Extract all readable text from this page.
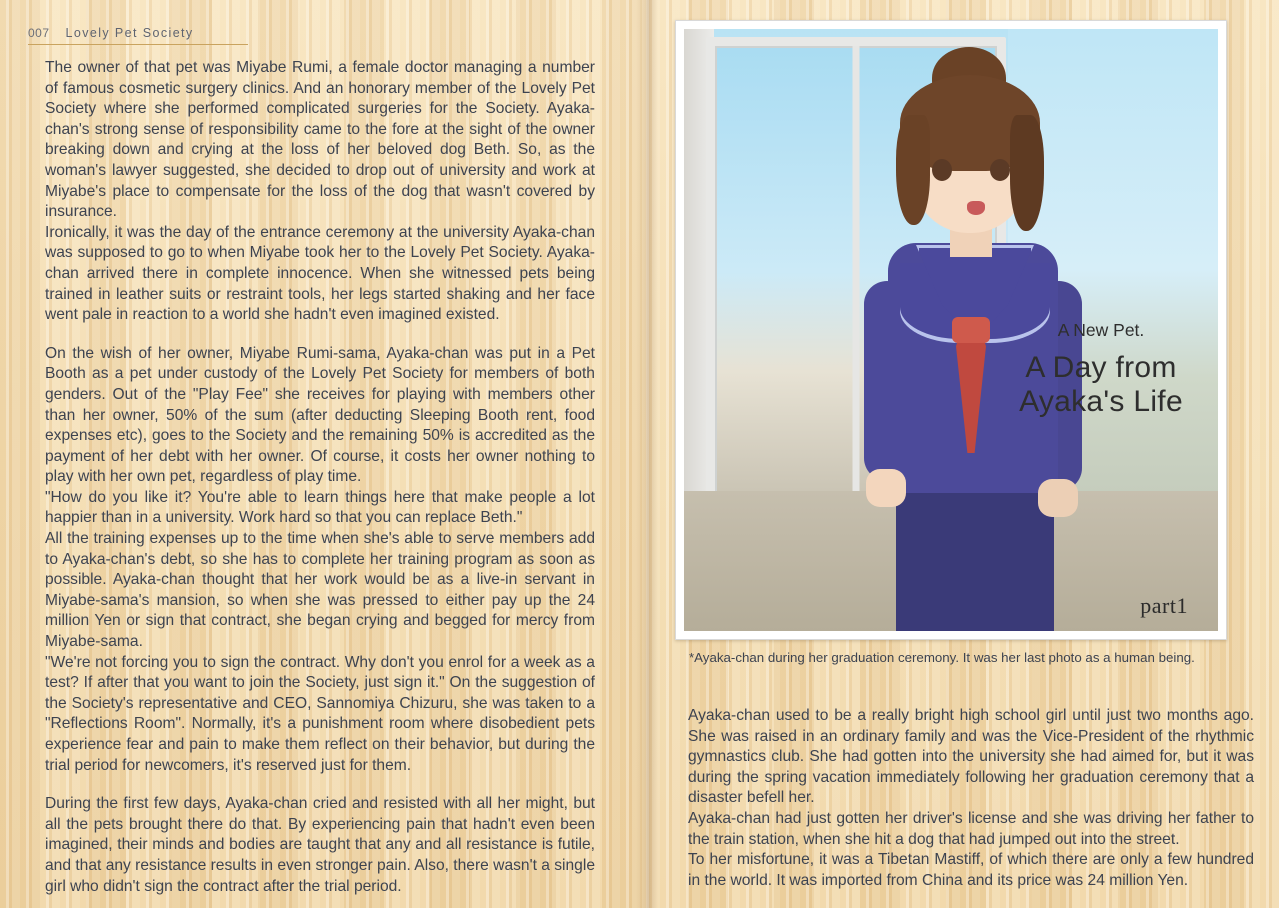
007 Lovely Pet Society

The owner of that pet was Miyabe Rumi, a female doctor managing a number of famous cosmetic surgery clinics. And an honorary member of the Lovely Pet Society where she performed complicated surgeries for the Society. Ayaka-chan's strong sense of responsibility came to the fore at the sight of the owner breaking down and crying at the loss of her beloved dog Beth. So, as the woman's lawyer suggested, she decided to drop out of university and work at Miyabe's place to compensate for the loss of the dog that wasn't covered by insurance.

Ironically, it was the day of the entrance ceremony at the university Ayaka-chan was supposed to go to when Miyabe took her to the Lovely Pet Society. Ayaka-chan arrived there in complete innocence. When she witnessed pets being trained in leather suits or restraint tools, her legs started shaking and her face went pale in reaction to a world she hadn't even imagined existed.

On the wish of her owner, Miyabe Rumi-sama, Ayaka-chan was put in a Pet Booth as a pet under custody of the Lovely Pet Society for members of both genders. Out of the "Play Fee" she receives for playing with members other than her owner, 50% of the sum (after deducting Sleeping Booth rent, food expenses etc), goes to the Society and the remaining 50% is accredited as the payment of her debt with her owner. Of course, it costs her owner nothing to play with her own pet, regardless of play time.

"How do you like it? You're able to learn things here that make people a lot happier than in a university. Work hard so that you can replace Beth."

All the training expenses up to the time when she's able to serve members add to Ayaka-chan's debt, so she has to complete her training program as soon as possible. Ayaka-chan thought that her work would be as a live-in servant in Miyabe-sama's mansion, so when she was pressed to either pay up the 24 million Yen or sign that contract, she began crying and begged for mercy from Miyabe-sama.

"We're not forcing you to sign the contract. Why don't you enrol for a week as a test? If after that you want to join the Society, just sign it." On the suggestion of the Society's representative and CEO, Sannomiya Chizuru, she was taken to a "Reflections Room". Normally, it's a punishment room where disobedient pets experience fear and pain to make them reflect on their behavior, but during the trial period for newcomers, it's reserved just for them.

During the first few days, Ayaka-chan cried and resisted with all her might, but all the pets brought there do that. By experiencing pain that hadn't even been imagined, their minds and bodies are taught that any and all resistance is futile, and that any resistance results in even stronger pain. Also, there wasn't a single girl who didn't sign the contract after the trial period.

A New Pet.
A Day from Ayaka's Life
part1
*Ayaka-chan during her graduation ceremony. It was her last photo as a human being.

Ayaka-chan used to be a really bright high school girl until just two months ago. She was raised in an ordinary family and was the Vice-President of the rhythmic gymnastics club. She had gotten into the university she had aimed for, but it was during the spring vacation immediately following her graduation ceremony that a disaster befell her.

Ayaka-chan had just gotten her driver's license and she was driving her father to the train station, when she hit a dog that had jumped out into the street.

To her misfortune, it was a Tibetan Mastiff, of which there are only a few hundred in the world. It was imported from China and its price was 24 million Yen.
